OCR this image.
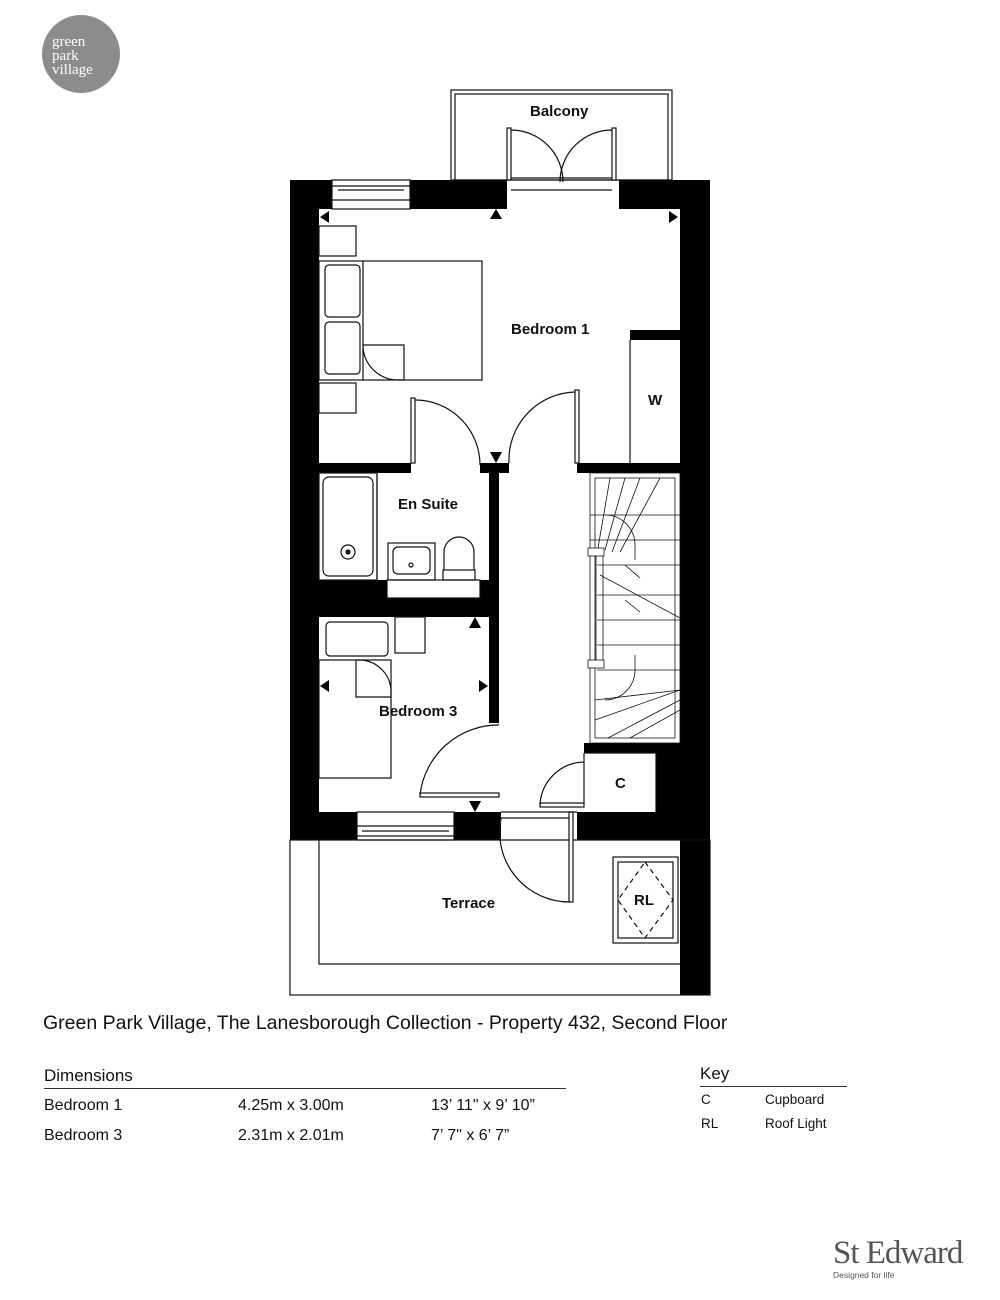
green
park
village
Balcony
Bedroom 1
W
En Suite
Bedroom 3
C
Terrace	RL
Green Park Village, The Lanesborough Collection - Property 432, Second Floor
Dimensions
Bedroom 1	4.25m x 3.00m	13’ 11" x 9’ 10”
Bedroom 3	2.31m x 2.01m	7’ 7" x 6’ 7”
Key
C	Cupboard
RL	Roof Light
St Edward
Designed for life
